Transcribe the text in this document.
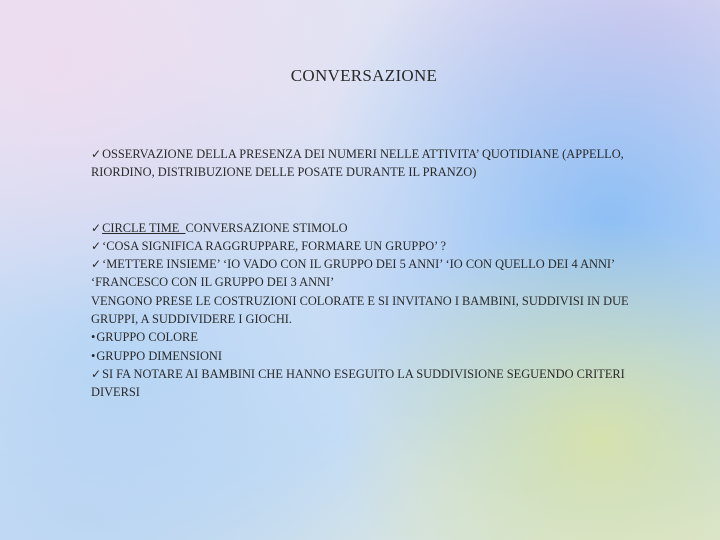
CONVERSAZIONE

✓OSSERVAZIONE DELLA PRESENZA DEI NUMERI NELLE ATTIVITA’ QUOTIDIANE (APPELLO, RIORDINO, DISTRIBUZIONE DELLE POSATE DURANTE IL PRANZO)

✓CIRCLE TIME  CONVERSAZIONE STIMOLO

✓‘COSA SIGNIFICA RAGGRUPPARE, FORMARE UN GRUPPO’ ?

✓‘METTERE INSIEME’ ‘IO VADO CON IL GRUPPO DEI 5 ANNI’ ‘IO CON QUELLO DEI 4 ANNI’ ‘FRANCESCO CON IL GRUPPO DEI 3 ANNI’

VENGONO PRESE LE COSTRUZIONI COLORATE E SI INVITANO I BAMBINI, SUDDIVISI IN DUE GRUPPI, A SUDDIVIDERE I GIOCHI.

•GRUPPO COLORE

•GRUPPO DIMENSIONI

✓SI FA NOTARE AI BAMBINI CHE HANNO ESEGUITO LA SUDDIVISIONE SEGUENDO CRITERI DIVERSI
